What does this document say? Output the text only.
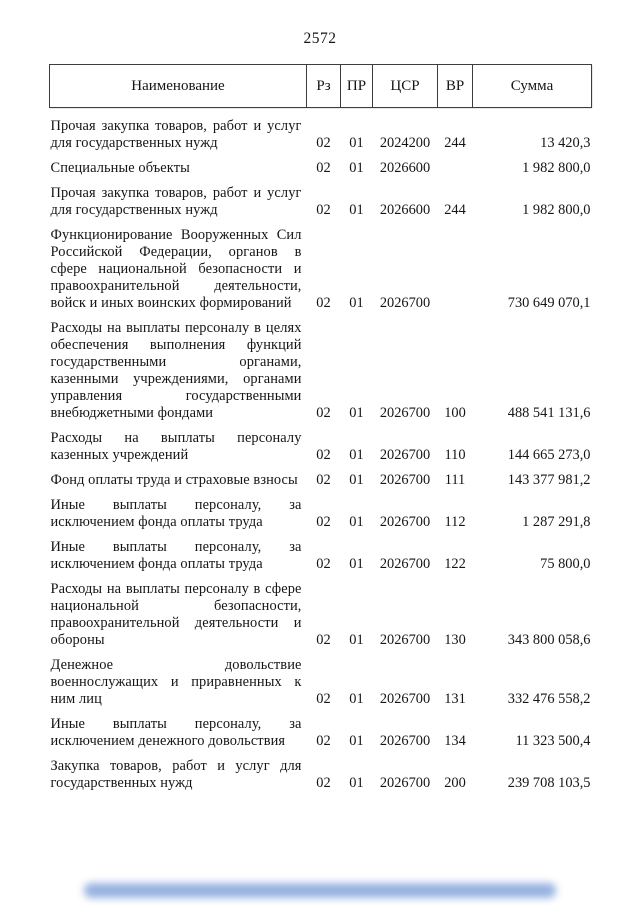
2572
Наименование	Рз	ПР	ЦСР	ВР	Сумма
Прочая закупка товаров, работ и услуг для государственных нужд	02	01	2024200	244	13 420,3
Специальные объекты	02	01	2026600		1 982 800,0
Прочая закупка товаров, работ и услуг для государственных нужд	02	01	2026600	244	1 982 800,0
Функционирование Вооруженных Сил Российской Федерации, органов в сфере национальной безопасности и правоохранительной деятельности, войск и иных воинских формирований	02	01	2026700		730 649 070,1
Расходы на выплаты персоналу в целях обеспечения выполнения функций государственными органами, казенными учреждениями, органами управления государственными внебюджетными фондами	02	01	2026700	100	488 541 131,6
Расходы на выплаты персоналу казенных учреждений	02	01	2026700	110	144 665 273,0
Фонд оплаты труда и страховые взносы	02	01	2026700	111	143 377 981,2
Иные выплаты персоналу, за исключением фонда оплаты труда	02	01	2026700	112	1 287 291,8
Иные выплаты персоналу, за исключением фонда оплаты труда	02	01	2026700	122	75 800,0
Расходы на выплаты персоналу в сфере национальной безопасности, правоохранительной деятельности и обороны	02	01	2026700	130	343 800 058,6
Денежное довольствие военнослужащих и приравненных к ним лиц	02	01	2026700	131	332 476 558,2
Иные выплаты персоналу, за исключением денежного довольствия	02	01	2026700	134	11 323 500,4
Закупка товаров, работ и услуг для государственных нужд	02	01	2026700	200	239 708 103,5
